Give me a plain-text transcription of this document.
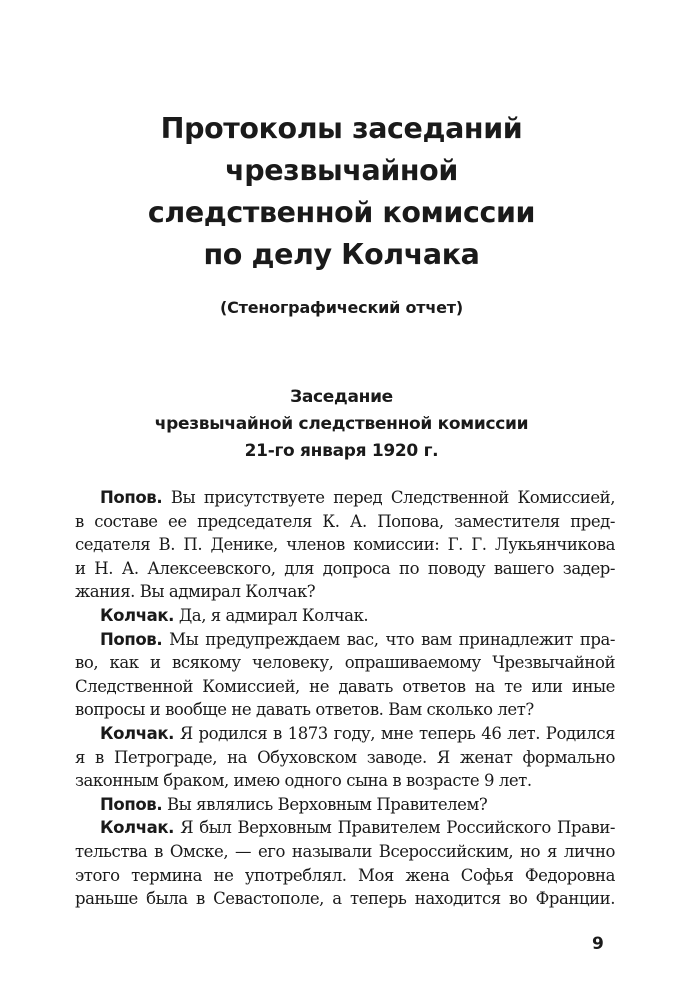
Протоколы заседаний
чрезвычайной
следственной комиссии
по делу Колчака
(Стенографический отчет)
Заседание
чрезвычайной следственной комиссии
21-го января 1920 г.
Попов. Вы присутствуете перед Следственной Комиссией,
в составе ее председателя К. А. Попова, заместителя пред-
седателя В. П. Денике, членов комиссии: Г. Г. Лукьянчикова
и Н. А. Алексеевского, для допроса по поводу вашего задер-
жания. Вы адмирал Колчак?
Колчак. Да, я адмирал Колчак.
Попов. Мы предупреждаем вас, что вам принадлежит пра-
во, как и всякому человеку, опрашиваемому Чрезвычайной
Следственной Комиссией, не давать ответов на те или иные
вопросы и вообще не давать ответов. Вам сколько лет?
Колчак. Я родился в 1873 году, мне теперь 46 лет. Родился
я в Петрограде, на Обуховском заводе. Я женат формально
законным браком, имею одного сына в возрасте 9 лет.
Попов. Вы являлись Верховным Правителем?
Колчак. Я был Верховным Правителем Российского Прави-
тельства в Омске, — его называли Всероссийским, но я лично
этого термина не употреблял. Моя жена Софья Федоровна
раньше была в Севастополе, а теперь находится во Франции.
9
